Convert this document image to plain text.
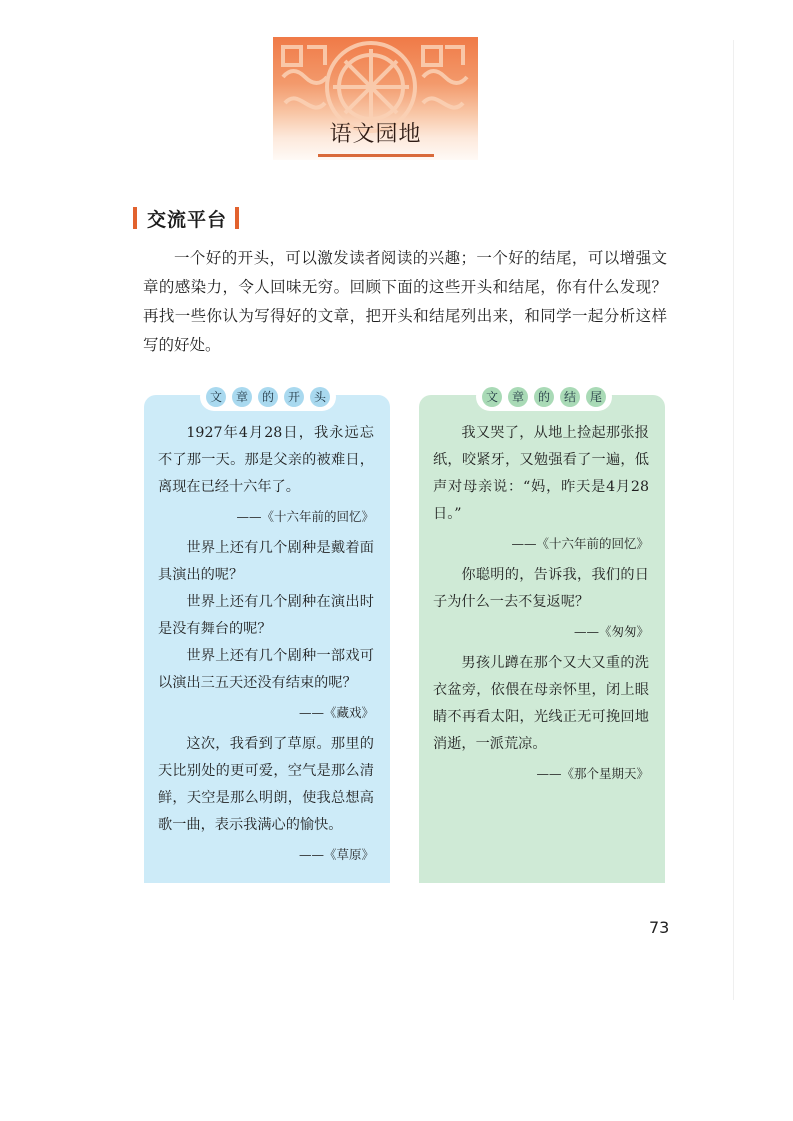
语文园地
交流平台
一个好的开头，可以激发读者阅读的兴趣；一个好的结尾，可以增强文章的感染力，令人回味无穷。回顾下面的这些开头和结尾，你有什么发现？再找一些你认为写得好的文章，把开头和结尾列出来，和同学一起分析这样写的好处。
文	章	的	开	头	文	章	的	结	尾

1927年4月28日，我永远忘不了那一天。那是父亲的被难日，离现在已经十六年了。

——《十六年前的回忆》

世界上还有几个剧种是戴着面具演出的呢？

世界上还有几个剧种在演出时是没有舞台的呢？

世界上还有几个剧种一部戏可以演出三五天还没有结束的呢？

——《藏戏》

这次，我看到了草原。那里的天比别处的更可爱，空气是那么清鲜，天空是那么明朗，使我总想高歌一曲，表示我满心的愉快。

——《草原》

我又哭了，从地上捡起那张报纸，咬紧牙，又勉强看了一遍，低声对母亲说：“妈，昨天是4月28日。”

——《十六年前的回忆》

你聪明的，告诉我，我们的日子为什么一去不复返呢？

——《匆匆》

男孩儿蹲在那个又大又重的洗衣盆旁，依偎在母亲怀里，闭上眼睛不再看太阳，光线正无可挽回地消逝，一派荒凉。

——《那个星期天》
73
